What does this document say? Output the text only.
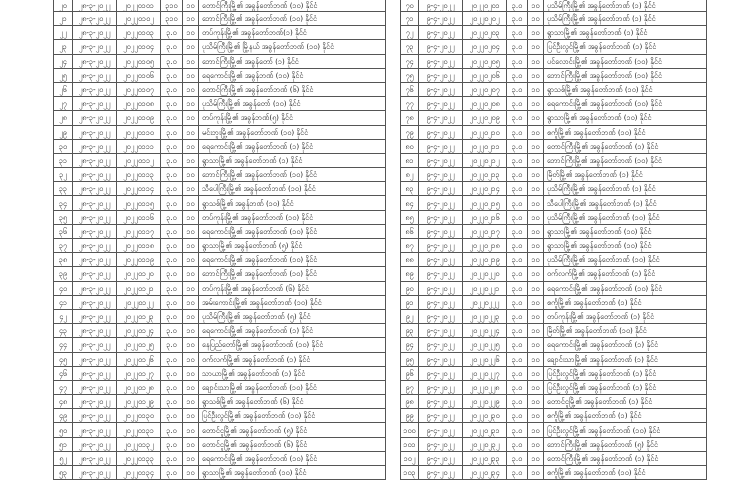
၂၀	၂၈-၃-၂၀၂၂	၂၀၂၂၀၁၀၁	၃၁၀	၁၀	တောင်ကြီးမြို့၏ အခွန်တော်ဘဏ် (၁၀) နိုင်ငံ
၂၁	၂၈-၃-၂၀၂၂	၂၀၂၂၀၁၀၂	၃၁၀	၁၀	ဘောင်ကြီးမြို့၏ အခွန်တော်ဘဏ် (၁၀) နိုင်ငံ
၂၂	၂၈-၃-၂၀၂၂	၂၀၂၂၀၁၀၃	၃.၀	၁၀	တပ်ကုန်းမြို့၏ အခွန်တော်ဘဏ်(၁) နိုင်ငံ
၂၃	၂၈-၃-၂၀၂၂	၂၀၂၂၀၁၀၄	၃.၀	၁၀	ပုသိမ်ကြီးမြို့၏ မြို့နယ် အခွန်တော်ဘဏ် (၁၀) နိုင်ငံ
၂၄	၂၈-၃-၂၀၂၂	၂၀၂၂၀၁၀၅	၃.၀	၁၀	ဘောင်ကြီးမြို့၏ အခွန်တော် (၁) နိုင်ငံ
၂၅	၂၈-၃-၂၀၂၂	၂၀၂၂၀၁၀၆	၃.၀	၁၀	ရေကောင်းမြို့၏ အခွန်ဘဏ် (၁၀) နိုင်ငံ
၂၆	၂၈-၃-၂၀၂၂	၂၀၂၂၀၁၀၇	၃.၀	၁၀	တောင်ကြီးမြို့၏ အခွန်တော်ဘဏ် (၆) နိုင်ငံ
၂၇	၂၈-၃-၂၀၂၂	၂၀၂၂၀၁၀၈	၃.၀	၁၀	ပုသိမ်ကြီးမြို့၏ အခွန်တော် (၁၀) နိုင်ငံ
၂၈	၂၈-၃-၂၀၂၂	၂၀၂၂၀၁၀၉	၃.၀	၁၀	တပ်ကုန်းမြို့၏ အခွန်ဘဏ်(၅) နိုင်ငံ
၂၉	၂၈-၃-၂၀၂၂	၂၀၂၂၀၁၁၀	၃.၀	၁၀	မင်းဘူးမြို့၏ အခွန်တော်ဘဏ် (၁၀) နိုင်ငံ
၃၀	၂၈-၃-၂၀၂၂	၂၀၂၂၀၁၁၁	၃.၀	၁၀	ရေကောင်းမြို့၏ အခွန်တော်ဘဏ် (၁) နိုင်ငံ
၃၁	၂၈-၃-၂၀၂၂	၂၀၂၂၀၁၁၂	၃.၀	၁၀	ရွာသာမြို့၏ အခွန်တော်ဘဏ် (၁) နိုင်ငံ
၃၂	၂၈-၃-၂၀၂၂	၂၀၂၂၀၁၁၃	၃.၀	၁၀	ဘောင်ကြီးမြို့၏ အခွန်တော်ဘဏ် (၁၀) နိုင်ငံ
၃၃	၂၈-၃-၂၀၂၂	၂၀၂၂၀၁၁၄	၃.၀	၁၀	သီပေါကြီးမြို့၏ အခွန်တော်ဘဏ် (၁၀) နိုင်ငံ
၃၄	၂၈-၃-၂၀၂၂	၂၀၂၂၀၁၁၅	၃.၀	၁၀	ရွာသစ်မြို့၏ အခွန်ဘဏ် (၁၀) နိုင်ငံ
၃၅	၂၈-၃-၂၀၂၂	၂၀၂၂၀၁၁၆	၃.၀	၁၀	တပ်ကုန်းမြို့၏ အခွန်တော်ဘဏ် (၁၀) နိုင်ငံ
၃၆	၂၈-၃-၂၀၂၂	၂၀၂၂၀၁၁၇	၃.၀	၁၀	ရေကောင်းမြို့၏ အခွန်တော်ဘဏ် (၁၀) နိုင်ငံ
၃၇	၂၈-၃-၂၀၂၂	၂၀၂၂၀၁၁၈	၃.၀	၁၀	ရွာသာမြို့၏ အခွန်တော်ဘဏ် (၅) နိုင်ငံ
၃၈	၂၈-၃-၂၀၂၂	၂၀၂၂၀၁၁၉	၃.၀	၁၀	ရေကောင်းမြို့၏ အခွန်တော်ဘဏ် (၁၀) နိုင်ငံ
၃၉	၂၈-၃-၂၀၂၂	၂၀၂၂၀၁၂၀	၃.၀	၁၀	ဘောင်ကြီးမြို့၏ အခွန်တော်ဘဏ် (၁၀) နိုင်ငံ
၄၀	၂၈-၃-၂၀၂၂	၂၀၂၂၀၁၂၁	၃.၀	၁၀	တပ်ကုန်းမြို့၏ အခွန်တော်ဘဏ် (၆) နိုင်ငံ
၄၁	၂၈-၃-၂၀၂၂	၂၀၂၂၀၁၂၂	၃.၀	၁၀	အမ်းကောင်းမြို့၏ အခွန်တော်ဘဏ် (၁၀) နိုင်ငံ
၄၂	၂၈-၃-၂၀၂၂	၂၀၂၂၀၁၂၃	၃.၀	၁၀	ပုသိမ်ကြီးမြို့၏ အခွန်တော်ဘဏ် (၅) နိုင်ငံ
၄၃	၂၈-၃-၂၀၂၂	၂၀၂၂၀၁၂၄	၃.၀	၁၀	ရေကောင်းမြို့၏ အခွန်တော်ဘဏ် (၁) နိုင်ငံ
၄၄	၂၈-၃-၂၀၂၂	၂၀၂၂၀၁၂၅	၃.၀	၁၀	နေပြည်တော်မြို့၏ အခွန်တော်ဘဏ် (၁၀) နိုင်ငံ
၄၅	၂၈-၃-၂၀၂၂	၂၀၂၂၀၁၂၆	၃.၀	၁၀	ဝက်လက်မြို့၏ အခွန်တော်ဘဏ် (၁) နိုင်ငံ
၄၆	၂၈-၃-၂၀၂၂	၂၀၂၂၀၁၂၇	၃.၀	၁၀	သာယာမြို့၏ အခွန်တော်ဘဏ် (၁) နိုင်ငံ
၄၇	၂၈-၃-၂၀၂၂	၂၀၂၂၀၁၂၈	၃.၀	၁၀	ချောင်းသာမြို့၏ အခွန်တော်ဘဏ် (၁၀) နိုင်ငံ
၄၈	၂၈-၃-၂၀၂၂	၂၀၂၂၀၁၂၉	၃.၀	၁၀	ရွာသစ်မြို့၏ အခွန်တော်ဘဏ် (၆) နိုင်ငံ
၄၉	၂၈-၃-၂၀၂၂	၂၀၂၂၀၁၃၀	၃.၀	၁၀	ပြင်ဦးလွင်မြို့၏ အခွန်တော်ဘဏ် (၁၀) နိုင်ငံ
၅၀	၂၈-၃-၂၀၂၂	၂၀၂၂၀၁၃၁	၃.၀	၁၀	တောင်ငူမြို့၏ အခွန်တော်ဘဏ် (၅) နိုင်ငံ
၅၁	၂၈-၃-၂၀၂၂	၂၀၂၂၀၁၃၂	၃.၀	၁၀	တောင်ငူမြို့၏ အခွန်တော်ဘဏ် (၆) နိုင်ငံ
၅၂	၂၈-၃-၂၀၂၂	၂၀၂၂၀၁၃၃	၃.၀	၁၀	ရေကောင်းမြို့၏ အခွန်တော်ဘဏ် (၁၀) နိုင်ငံ
၅၃	၂၈-၃-၂၀၂၂	၂၀၂၂၀၁၃၄	၃.၀	၁၀	ရွာသာမြို့၏ အခွန်တော်ဘဏ် (၁၀) နိုင်ငံ
၇၀	၉-၄-၂၀၂၂	၂၀၂၂၀၂၀၁	၃.၀	၁၀	ပုသိမ်ကြီးမြို့၏ အခွန်တော်ဘဏ် (၁) နိုင်ငံ
၇၁	၉-၄-၂၀၂၂	၂၀၂၂၀၂၀၂	၃.၀	၁၀	ပုသိမ်ကြီးမြို့၏ အခွန်တော်ဘဏ် (၁) နိုင်ငံ
၇၂	၉-၄-၂၀၂၂	၂၀၂၂၀၂၀၃	၃.၀	၁၀	ရွာသာမြို့၏ အခွန်တော်ဘဏ် (၁) နိုင်ငံ
၇၃	၉-၄-၂၀၂၂	၂၀၂၂၀၂၀၄	၃.၀	၁၀	ပြင်ဦးလွင်မြို့၏ အခွန်တော်ဘဏ် (၁) နိုင်ငံ
၇၄	၉-၄-၂၀၂၂	၂၀၂၂၀၂၀၅	၃.၀	၁၀	ပင်လောင်းမြို့၏ အခွန်တော်ဘဏ် (၁၀) နိုင်ငံ
၇၅	၉-၄-၂၀၂၂	၂၀၂၂၀၂၀၆	၃.၀	၁၀	ဘောင်ကြီးမြို့၏ အခွန်တော်ဘဏ် (၁၀) နိုင်ငံ
၇၆	၉-၄-၂၀၂၂	၂၀၂၂၀၂၀၇	၃.၀	၁၀	ရွာသစ်မြို့၏ အခွန်တော်ဘဏ် (၁၀) နိုင်ငံ
၇၇	၉-၄-၂၀၂၂	၂၀၂၂၀၂၀၈	၃.၀	၁၀	ရေကောင်းမြို့၏ အခွန်တော်ဘဏ် (၁၀) နိုင်ငံ
၇၈	၉-၄-၂၀၂၂	၂၀၂၂၀၂၀၉	၃.၀	၁၀	ရွာသာမြို့၏ အခွန်တော်ဘဏ် (၁၀) နိုင်ငံ
၇၉	၉-၄-၂၀၂၂	၂၀၂၂၀၂၁၀	၃.၀	၁၀	စင်္ကူမြို့၏ အခွန်တော်ဘဏ် (၁၀) နိုင်ငံ
၈၀	၉-၄-၂၀၂၂	၂၀၂၂၀၂၁၁	၃.၀	၁၀	တောင်ကြီးမြို့၏ အခွန်တော်ဘဏ် (၁) နိုင်ငံ
၈၁	၉-၄-၂၀၂၂	၂၀၂၂၀၂၁၂	၃.၀	၁၀	ဘောင်ကြီးမြို့၏ အခွန်တော်ဘဏ် (၁၀) နိုင်ငံ
၈၂	၉-၄-၂၀၂၂	၂၀၂၂၀၂၁၃	၃.၀	၁၀	မြိတ်မြို့၏ အခွန်တော်ဘဏ် (၁) နိုင်ငံ
၈၃	၉-၄-၂၀၂၂	၂၀၂၂၀၂၁၄	၃.၀	၁၀	ပုသိမ်ကြီးမြို့၏ အခွန်တော်ဘဏ် (၁) နိုင်ငံ
၈၄	၉-၄-၂၀၂၂	၂၀၂၂၀၂၁၅	၃.၀	၁၀	သီပေါကြီးမြို့၏ အခွန်တော်ဘဏ် (၁) နိုင်ငံ
၈၅	၉-၄-၂၀၂၂	၂၀၂၂၀၂၁၆	၃.၀	၁၀	ပုသိမ်ကြီးမြို့၏ အခွန်တော်ဘဏ် (၁၀) နိုင်ငံ
၈၆	၉-၄-၂၀၂၂	၂၀၂၂၀၂၁၇	၃.၀	၁၀	ရွာသာမြို့၏ အခွန်တော်ဘဏ် (၁၀) နိုင်ငံ
၈၇	၉-၄-၂၀၂၂	၂၀၂၂၀၂၁၈	၃.၀	၁၀	ရွာသာမြို့၏ အခွန်တော်ဘဏ် (၁၀) နိုင်ငံ
၈၈	၉-၄-၂၀၂၂	၂၀၂၂၀၂၁၉	၃.၀	၁၀	ပုသိမ်ကြီးမြို့၏ အခွန်တော်ဘဏ် (၁၀) နိုင်ငံ
၈၉	၉-၄-၂၀၂၂	၂၀၂၂၀၂၂၀	၃.၀	၁၀	ဝက်လက်မြို့၏ အခွန်တော်ဘဏ် (၁) နိုင်ငံ
၉၀	၉-၄-၂၀၂၂	၂၀၂၂၀၂၂၁	၃.၀	၁၀	ရေကောင်းမြို့၏ အခွန်တော်ဘဏ် (၁၀) နိုင်ငံ
၉၁	၉-၄-၂၀၂၂	၂၀၂၂၀၂၂၂	၃.၀	၁၀	စင်္ကူမြို့၏ အခွန်တော်ဘဏ် (၁) နိုင်ငံ
၉၂	၉-၄-၂၀၂၂	၂၀၂၂၀၂၂၃	၃.၀	၁၀	တပ်ကုန်းမြို့၏ အခွန်တော်ဘဏ် (၁) နိုင်ငံ
၉၃	၉-၄-၂၀၂၂	၂၀၂၂၀၂၂၄	၃.၀	၁၀	မြိတ်မြို့၏ အခွန်တော်ဘဏ် (၁၀) နိုင်ငံ
၉၄	၉-၄-၂၀၂၂	၂၀၂၂၀၂၂၅	၃.၀	၁၀	ရေကောင်းမြို့၏ အခွန်တော်ဘဏ် (၁) နိုင်ငံ
၉၅	၉-၄-၂၀၂၂	၂၀၂၂၀၂၂၆	၃.၀	၁၀	ချောင်းသာမြို့၏ အခွန်တော်ဘဏ် (၁) နိုင်ငံ
၉၆	၉-၄-၂၀၂၂	၂၀၂၂၀၂၂၇	၃.၀	၁၀	ပြင်ဦးလွင်မြို့၏ အခွန်တော်ဘဏ် (၁) နိုင်ငံ
၉၇	၉-၄-၂၀၂၂	၂၀၂၂၀၂၂၈	၃.၀	၁၀	ပြင်ဦးလွင်မြို့၏ အခွန်တော်ဘဏ် (၁) နိုင်ငံ
၉၈	၉-၄-၂၀၂၂	၂၀၂၂၀၂၂၉	၃.၀	၁၀	တောင်ငူမြို့၏ အခွန်တော်ဘဏ် (၁) နိုင်ငံ
၉၉	၉-၄-၂၀၂၂	၂၀၂၂၀၂၃၀	၃.၀	၁၀	စင်္ကူမြို့၏ အခွန်တော်ဘဏ် (၁) နိုင်ငံ
၁၀၀	၉-၄-၂၀၂၂	၂၀၂၂၀၂၃၁	၃.၀	၁၀	ပြင်ဦးလွင်မြို့၏ အခွန်တော်ဘဏ် (၁၀) နိုင်ငံ
၁၀၁	၉-၄-၂၀၂၂	၂၀၂၂၀၂၃၂	၃.၀	၁၀	ဘောင်ကြီးမြို့၏ အခွန်တော်ဘဏ် (၅) နိုင်ငံ
၁၀၂	၉-၄-၂၀၂၂	၂၀၂၂၀၂၃၃	၃.၀	၁၀	တောင်ကြီးမြို့၏ အခွန်တော်ဘဏ် (၁) နိုင်ငံ
၁၀၃	၉-၄-၂၀၂၂	၂၀၂၂၀၂၃၄	၃.၀	၁၀	စင်္ကူမြို့၏ အခွန်တော်ဘဏ် (၁၀) နိုင်ငံ
